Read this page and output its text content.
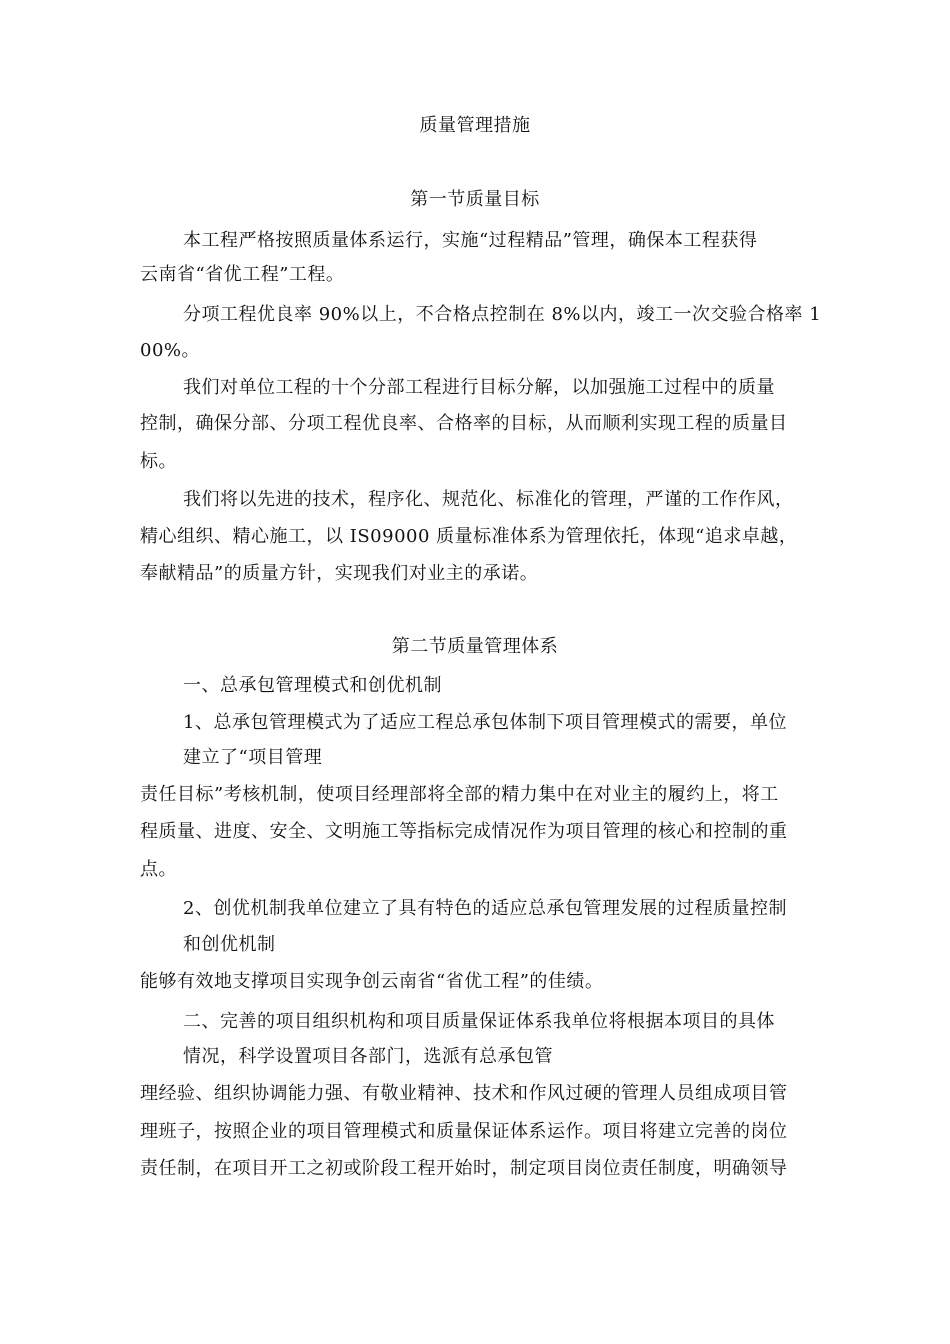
质量管理措施
第一节质量目标
本工程严格按照质量体系运行，实施“过程精品”管理，确保本工程获得
云南省“省优工程”工程。
分项工程优良率 90%以上，不合格点控制在 8%以内，竣工一次交验合格率 1
00%。
我们对单位工程的十个分部工程进行目标分解，以加强施工过程中的质量
控制，确保分部、分项工程优良率、合格率的目标，从而顺利实现工程的质量目
标。
我们将以先进的技术，程序化、规范化、标准化的管理，严谨的工作作风，
精心组织、精心施工，以 IS09000 质量标准体系为管理依托，体现“追求卓越，
奉献精品”的质量方针，实现我们对业主的承诺。
第二节质量管理体系
一、总承包管理模式和创优机制
1、总承包管理模式为了适应工程总承包体制下项目管理模式的需要，单位
建立了“项目管理
责任目标”考核机制，使项目经理部将全部的精力集中在对业主的履约上，将工
程质量、进度、安全、文明施工等指标完成情况作为项目管理的核心和控制的重
点。
2、创优机制我单位建立了具有特色的适应总承包管理发展的过程质量控制
和创优机制
能够有效地支撑项目实现争创云南省“省优工程”的佳绩。
二、完善的项目组织机构和项目质量保证体系我单位将根据本项目的具体
情况，科学设置项目各部门，选派有总承包管
理经验、组织协调能力强、有敬业精神、技术和作风过硬的管理人员组成项目管
理班子，按照企业的项目管理模式和质量保证体系运作。项目将建立完善的岗位
责任制，在项目开工之初或阶段工程开始时，制定项目岗位责任制度，明确领导
